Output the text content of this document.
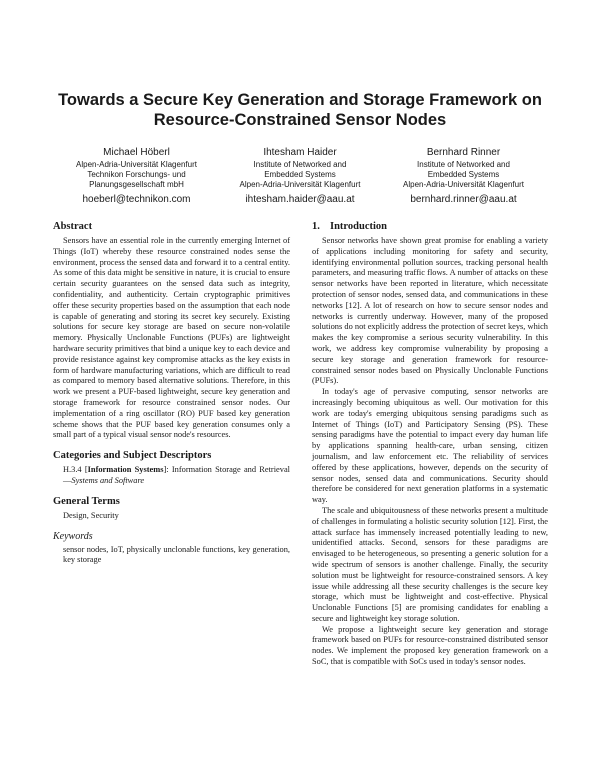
Towards a Secure Key Generation and Storage Framework on
Resource-Constrained Sensor Nodes
Michael Höberl
Alpen-Adria-Universität Klagenfurt
Technikon Forschungs- und
Planungsgesellschaft mbH
hoeberl@technikon.com
Ihtesham Haider
Institute of Networked and
Embedded Systems
Alpen-Adria-Universität Klagenfurt
ihtesham.haider@aau.at
Bernhard Rinner
Institute of Networked and
Embedded Systems
Alpen-Adria-Universität Klagenfurt
bernhard.rinner@aau.at
Abstract

Sensors have an essential role in the currently emerging Internet of Things (IoT) whereby these resource constrained nodes sense the environment, process the sensed data and forward it to a central entity. As some of this data might be sensitive in nature, it is crucial to ensure certain security guarantees on the sensed data such as integrity, confidentiality, and authenticity. Certain cryptographic primitives offer these security properties based on the assumption that each node is capable of generating and storing its secret key securely. Existing solutions for secure key storage are based on secure non-volatile memory. Physically Unclonable Functions (PUFs) are lightweight hardware security primitives that bind a unique key to each device and provide resistance against key compromise attacks as the key exists in form of hardware manufacturing variations, which are difficult to read as compared to memory based alternative solutions. Therefore, in this work we present a PUF-based lightweight, secure key generation and storage framework for resource constrained sensor nodes. Our implementation of a ring oscillator (RO) PUF based key generation scheme shows that the PUF based key generation consumes only a small part of a typical visual sensor node's resources.

Categories and Subject Descriptors

H.3.4 [Information Systems]: Information Storage and Retrieval—Systems and Software

General Terms

Design, Security

Keywords

sensor nodes, IoT, physically unclonable functions, key generation, key storage

1. Introduction

Sensor networks have shown great promise for enabling a variety of applications including monitoring for safety and security, identifying environmental pollution sources, tracking personal health parameters, and measuring traffic flows. A number of attacks on these sensor networks have been reported in literature, which necessitate protection of sensor nodes, sensed data, and communications in these networks [12]. A lot of research on how to secure sensor nodes and networks is currently underway. However, many of the proposed solutions do not explicitly address the protection of secret keys, which makes the key compromise a serious security vulnerability. In this work, we address key compromise vulnerability by proposing a secure key storage and generation framework for resource-constrained sensor nodes based on Physically Unclonable Functions (PUFs).

In today's age of pervasive computing, sensor networks are increasingly becoming ubiquitous as well. Our motivation for this work are today's emerging ubiquitous sensing paradigms such as Internet of Things (IoT) and Participatory Sensing (PS). These sensing paradigms have the potential to impact every day human life by applications spanning health-care, urban sensing, citizen journalism, and law enforcement etc. The reliability of services offered by these applications, however, depends on the security of sensor nodes, sensed data and communications. Security should therefore be considered for next generation platforms in a systematic way.

The scale and ubiquitousness of these networks present a multitude of challenges in formulating a holistic security solution [12]. First, the attack surface has immensely increased potentially leading to new, unidentified attacks. Second, sensors for these paradigms are envisaged to be heterogeneous, so presenting a generic solution for a wide spectrum of sensors is another challenge. Finally, the security solution must be lightweight for resource-constrained sensors. A key issue while addressing all these security challenges is the secure key storage, which must be lightweight and cost-effective. Physical Unclonable Functions [5] are promising candidates for enabling a secure and lightweight key storage solution.

We propose a lightweight secure key generation and storage framework based on PUFs for resource-constrained distributed sensor nodes. We implement the proposed key generation framework on a SoC, that is compatible with SoCs used in today's sensor nodes.
